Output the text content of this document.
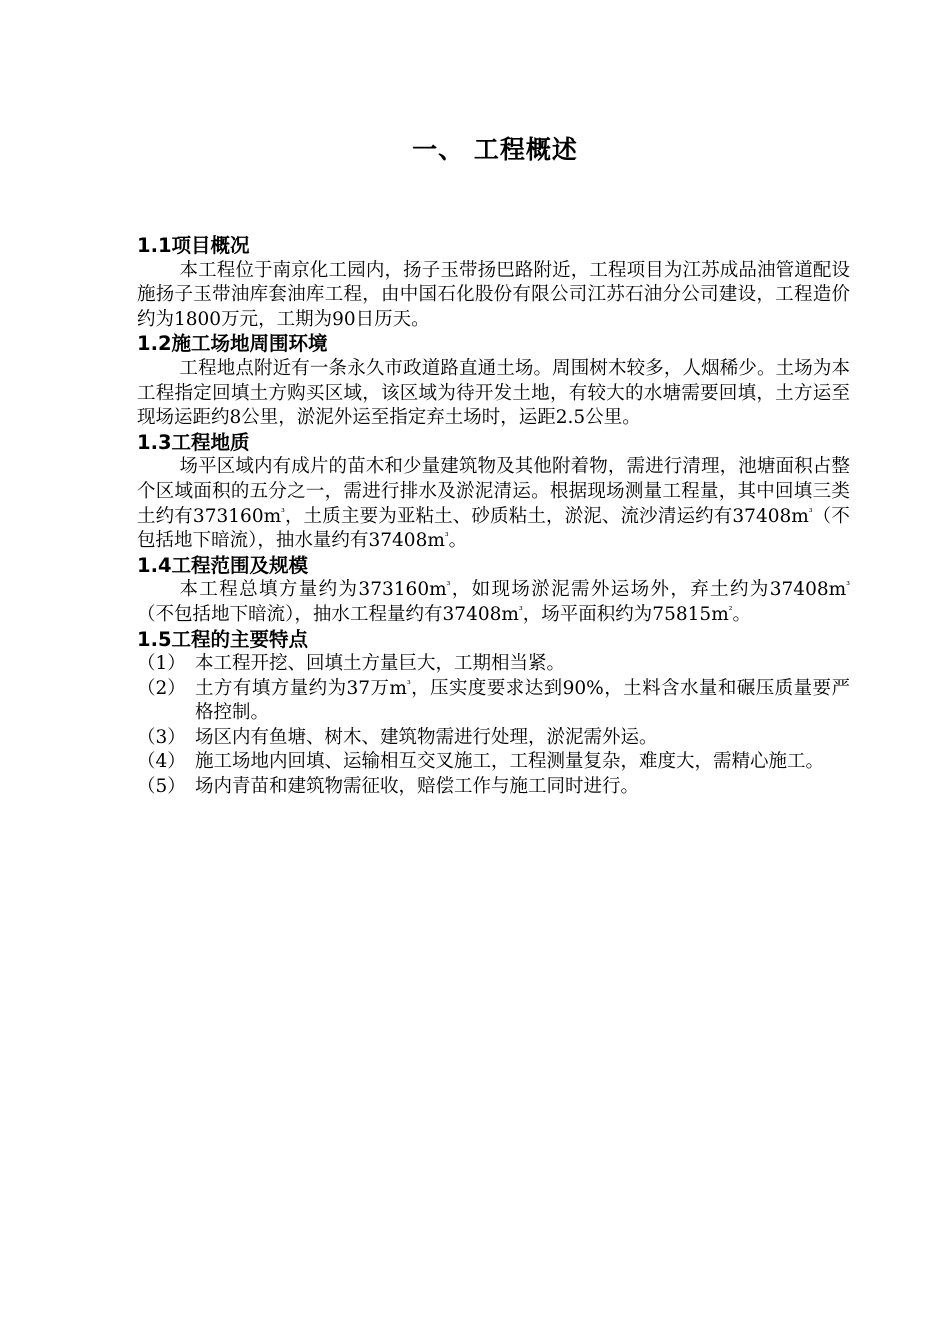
一、 工程概述
1.1项目概况

本工程位于南京化工园内，扬子玉带扬巴路附近，工程项目为江苏成品油管道配设施扬子玉带油库套油库工程，由中国石化股份有限公司江苏石油分公司建设，工程造价约为1800万元，工期为90日历天。

1.2施工场地周围环境

工程地点附近有一条永久市政道路直通土场。周围树木较多，人烟稀少。土场为本工程指定回填土方购买区域，该区域为待开发土地，有较大的水塘需要回填，土方运至现场运距约8公里，淤泥外运至指定弃土场时，运距2.5公里。

1.3工程地质

场平区域内有成片的苗木和少量建筑物及其他附着物，需进行清理，池塘面积占整个区域面积的五分之一，需进行排水及淤泥清运。根据现场测量工程量，其中回填三类土约有$373160m^{^3}$，土质主要为亚粘土、砂质粘土，淤泥、流沙清运约有$37408m^{^3}$（不包括地下暗流），抽水量约有$37408m^{^3}$。

1.4工程范围及规模

本工程总填方量约为$373160m^{^3}$，如现场淤泥需外运场外，弃土约为$37408m^{^3}$（不包括地下暗流），抽水工程量约有$37408m^{^3}$，场平面积约为$75815m^{^2}$。

1.5工程的主要特点
（1） 本工程开挖、回填土方量巨大，工期相当紧。
（2） 土方有填方量约为37万$m^{^3}$，压实度要求达到90%，土料含水量和碾压质量要严格控制。
（3） 场区内有鱼塘、树木、建筑物需进行处理，淤泥需外运。
（4） 施工场地内回填、运输相互交叉施工，工程测量复杂，难度大，需精心施工。
（5） 场内青苗和建筑物需征收，赔偿工作与施工同时进行。
